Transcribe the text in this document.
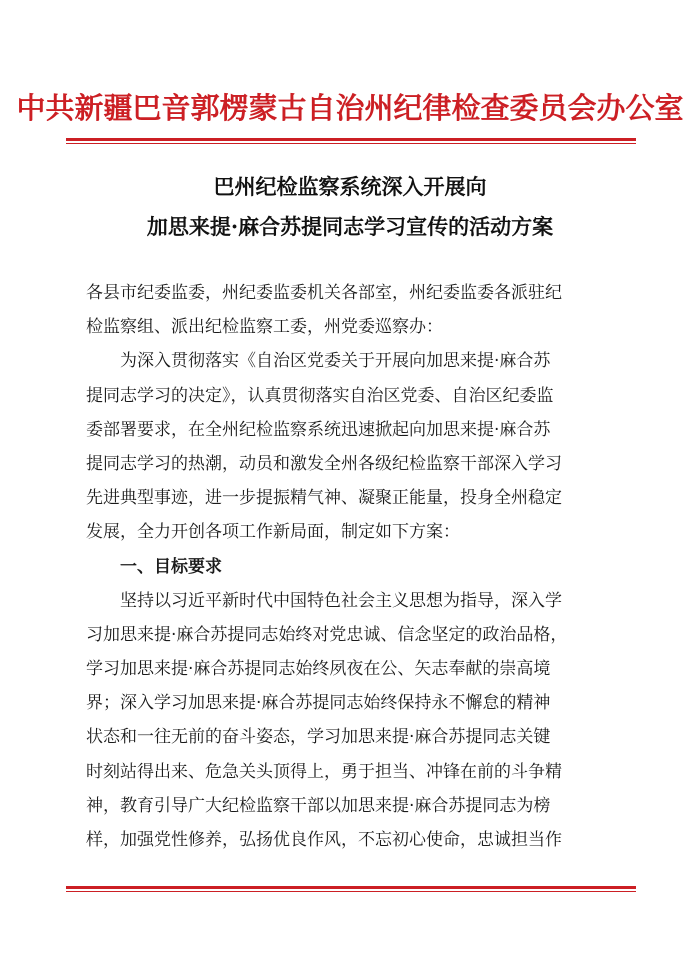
中共新疆巴音郭楞蒙古自治州纪律检查委员会办公室
巴州纪检监察系统深入开展向
加思来提·麻合苏提同志学习宣传的活动方案
各县市纪委监委，州纪委监委机关各部室，州纪委监委各派驻纪
检监察组、派出纪检监察工委，州党委巡察办：
为深入贯彻落实《自治区党委关于开展向加思来提·麻合苏
提同志学习的决定》，认真贯彻落实自治区党委、自治区纪委监
委部署要求，在全州纪检监察系统迅速掀起向加思来提·麻合苏
提同志学习的热潮，动员和激发全州各级纪检监察干部深入学习
先进典型事迹，进一步提振精气神、凝聚正能量，投身全州稳定
发展，全力开创各项工作新局面，制定如下方案：
一、目标要求
坚持以习近平新时代中国特色社会主义思想为指导，深入学
习加思来提·麻合苏提同志始终对党忠诚、信念坚定的政治品格，
学习加思来提·麻合苏提同志始终夙夜在公、矢志奉献的崇高境
界；深入学习加思来提·麻合苏提同志始终保持永不懈怠的精神
状态和一往无前的奋斗姿态，学习加思来提·麻合苏提同志关键
时刻站得出来、危急关头顶得上，勇于担当、冲锋在前的斗争精
神，教育引导广大纪检监察干部以加思来提·麻合苏提同志为榜
样，加强党性修养，弘扬优良作风，不忘初心使命，忠诚担当作
